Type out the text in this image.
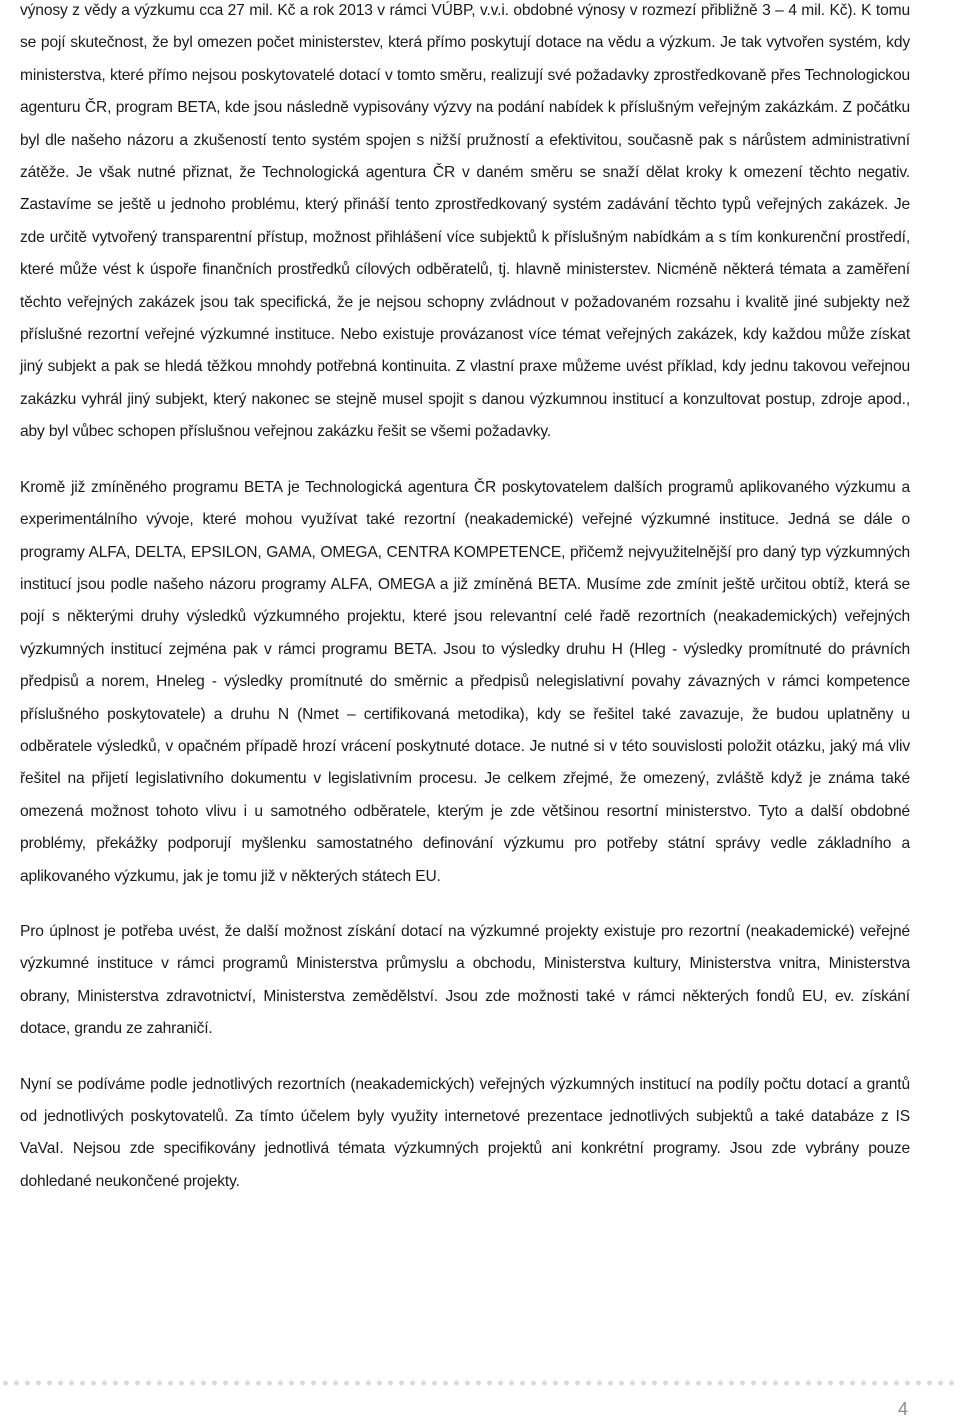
výnosy z vědy a výzkumu cca 27 mil. Kč a rok 2013 v rámci VÚBP, v.v.i. obdobné výnosy v rozmezí přibližně 3 – 4 mil. Kč). K tomu se pojí skutečnost, že byl omezen počet ministerstev, která přímo poskytují dotace na vědu a výzkum. Je tak vytvořen systém, kdy ministerstva, které přímo nejsou poskytovatelé dotací v tomto směru, realizují své požadavky zprostředkovaně přes Technologickou agenturu ČR, program BETA, kde jsou následně vypisovány výzvy na podání nabídek k příslušným veřejným zakázkám. Z počátku byl dle našeho názoru a zkušeností tento systém spojen s nižší pružností a efektivitou, současně pak s nárůstem administrativní zátěže. Je však nutné přiznat, že Technologická agentura ČR v daném směru se snaží dělat kroky k omezení těchto negativ. Zastavíme se ještě u jednoho problému, který přináší tento zprostředkovaný systém zadávání těchto typů veřejných zakázek. Je zde určitě vytvořený transparentní přístup, možnost přihlášení více subjektů k příslušným nabídkám a s tím konkurenční prostředí, které může vést k úspoře finančních prostředků cílových odběratelů, tj. hlavně ministerstev. Nicméně některá témata a zaměření těchto veřejných zakázek jsou tak specifická, že je nejsou schopny zvládnout v požadovaném rozsahu i kvalitě jiné subjekty než příslušné rezortní veřejné výzkumné instituce. Nebo existuje provázanost více témat veřejných zakázek, kdy každou může získat jiný subjekt a pak se hledá těžkou mnohdy potřebná kontinuita. Z vlastní praxe můžeme uvést příklad, kdy jednu takovou veřejnou zakázku vyhrál jiný subjekt, který nakonec se stejně musel spojit s danou výzkumnou institucí a konzultovat postup, zdroje apod., aby byl vůbec schopen příslušnou veřejnou zakázku řešit se všemi požadavky.

Kromě již zmíněného programu BETA je Technologická agentura ČR poskytovatelem dalších programů aplikovaného výzkumu a experimentálního vývoje, které mohou využívat také rezortní (neakademické) veřejné výzkumné instituce. Jedná se dále o programy ALFA, DELTA, EPSILON, GAMA, OMEGA, CENTRA KOMPETENCE, přičemž nejvyužitelnější pro daný typ výzkumných institucí jsou podle našeho názoru programy ALFA, OMEGA a již zmíněná BETA. Musíme zde zmínit ještě určitou obtíž, která se pojí s některými druhy výsledků výzkumného projektu, které jsou relevantní celé řadě rezortních (neakademických) veřejných výzkumných institucí zejména pak v rámci programu BETA. Jsou to výsledky druhu H (Hleg - výsledky promítnuté do právních předpisů a norem, Hneleg - výsledky promítnuté do směrnic a předpisů nelegislativní povahy závazných v rámci kompetence příslušného poskytovatele) a druhu N (Nmet – certifikovaná metodika), kdy se řešitel také zavazuje, že budou uplatněny u odběratele výsledků, v opačném případě hrozí vrácení poskytnuté dotace. Je nutné si v této souvislosti položit otázku, jaký má vliv řešitel na přijetí legislativního dokumentu v legislativním procesu. Je celkem zřejmé, že omezený, zvláště když je známa také omezená možnost tohoto vlivu i u samotného odběratele, kterým je zde většinou resortní ministerstvo. Tyto a další obdobné problémy, překážky podporují myšlenku samostatného definování výzkumu pro potřeby státní správy vedle základního a aplikovaného výzkumu, jak je tomu již v některých státech EU.

Pro úplnost je potřeba uvést, že další možnost získání dotací na výzkumné projekty existuje pro rezortní (neakademické) veřejné výzkumné instituce v rámci programů Ministerstva průmyslu a obchodu, Ministerstva kultury, Ministerstva vnitra, Ministerstva obrany, Ministerstva zdravotnictví, Ministerstva zemědělství. Jsou zde možnosti také v rámci některých fondů EU, ev. získání dotace, grandu ze zahraničí.

Nyní se podíváme podle jednotlivých rezortních (neakademických) veřejných výzkumných institucí na podíly počtu dotací a grantů od jednotlivých poskytovatelů. Za tímto účelem byly využity internetové prezentace jednotlivých subjektů a také databáze z IS VaVaI. Nejsou zde specifikovány jednotlivá témata výzkumných projektů ani konkrétní programy. Jsou zde vybrány pouze dohledané neukončené projekty.

4
